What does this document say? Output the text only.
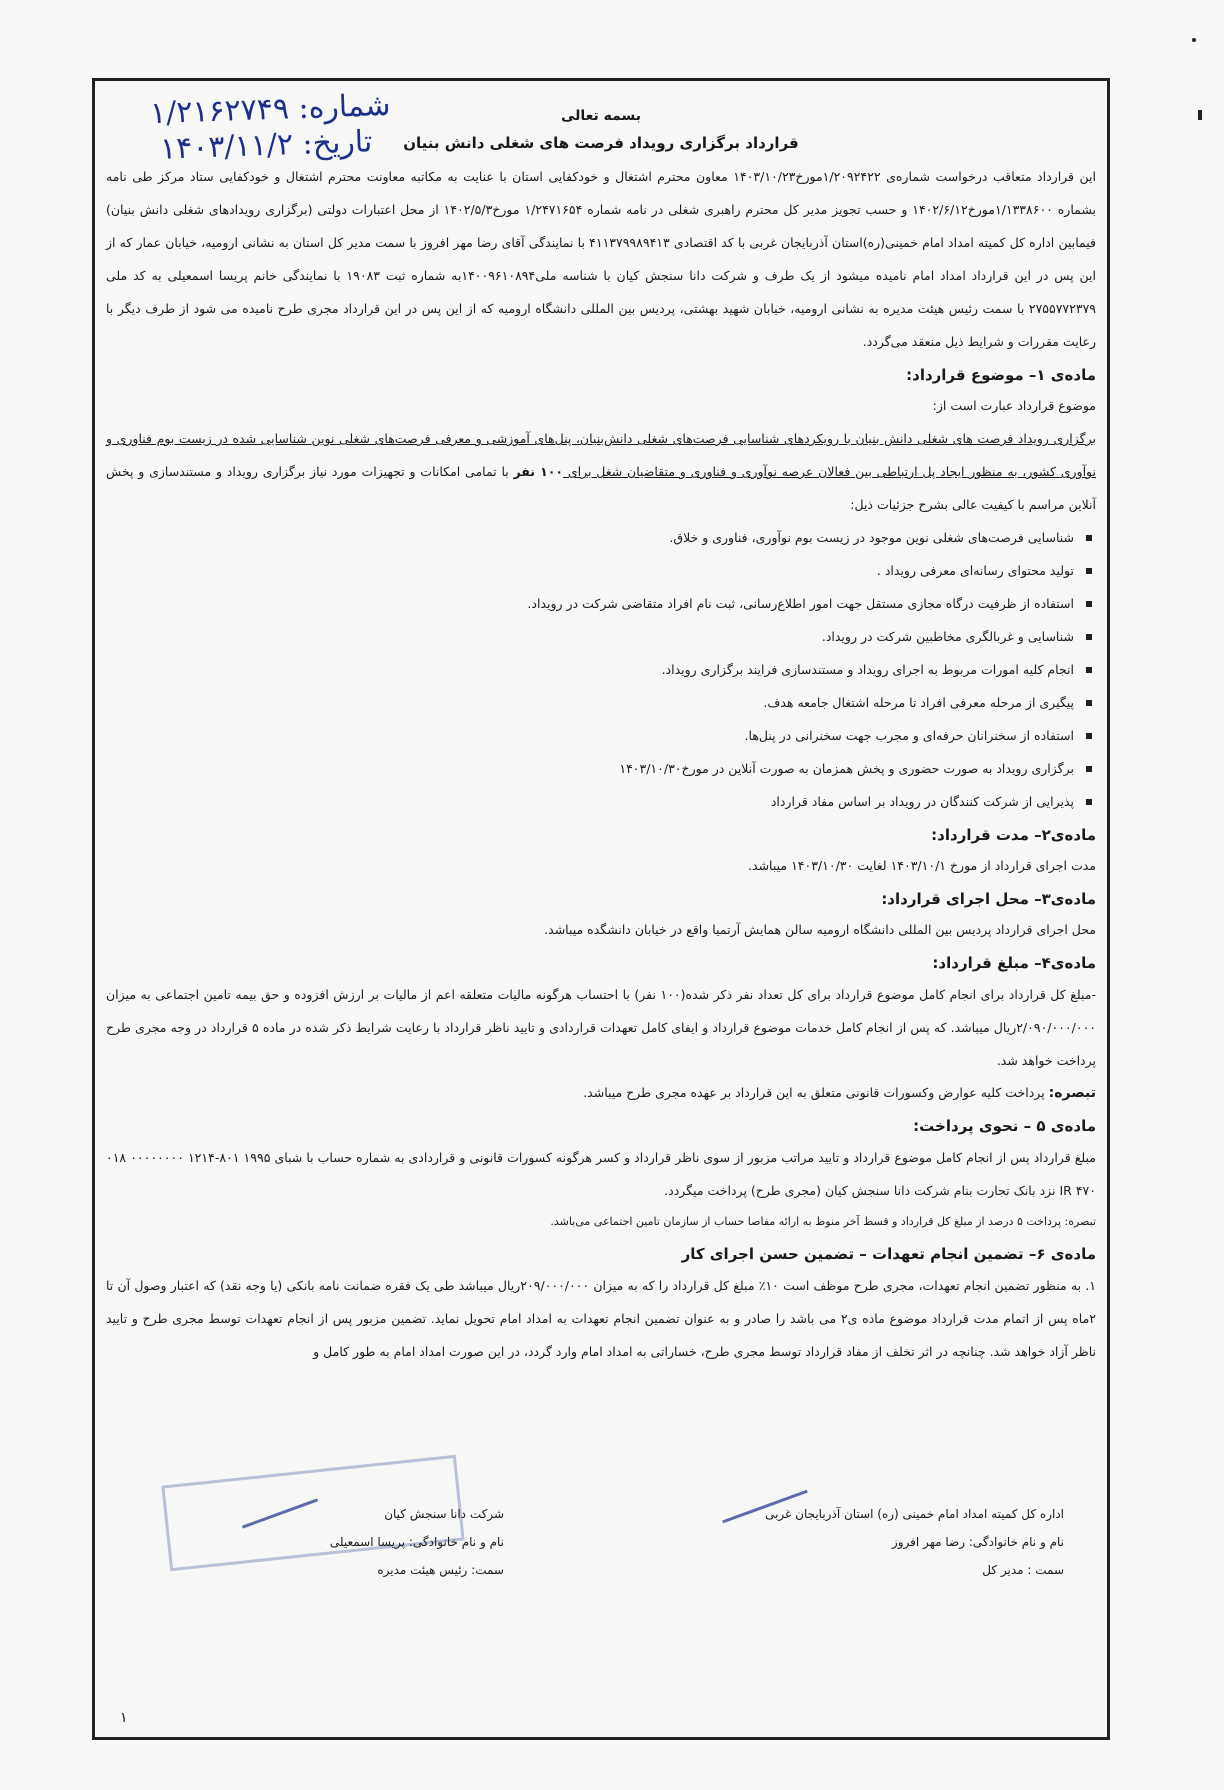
شماره: ۱/۲۱۶۲۷۴۹
تاریخ: ۱۴۰۳/۱۱/۲
بسمه تعالی
قرارداد برگزاری رویداد فرصت های شغلی دانش بنیان

این قرارداد متعاقب درخواست شماره‌ی ۱/۲۰۹۲۴۲۲مورخ۱۴۰۳/۱۰/۲۳ معاون محترم اشتغال و خودکفایی استان با عنایت به مکاتبه معاونت محترم اشتغال و خودکفایی ستاد مرکز طی نامه بشماره ۱/۱۳۳۸۶۰۰مورخ۱۴۰۲/۶/۱۲ و حسب تجویز مدیر کل محترم راهبری شغلی در نامه شماره ۱/۲۴۷۱۶۵۴ مورخ۱۴۰۲/۵/۳ از محل اعتبارات دولتی (برگزاری رویدادهای شغلی دانش بنیان) فیمابین اداره کل کمیته امداد امام خمینی(ره)استان آذربایجان غربی با کد اقتصادی ۴۱۱۳۷۹۹۸۹۴۱۳ با نمایندگی آقای رضا مهر افروز با سمت مدیر کل استان به نشانی ارومیه، خیابان عمار که از این پس در این قرارداد امداد امام نامیده میشود از یک طرف و شرکت دانا سنجش کیان با شناسه ملی۱۴۰۰۹۶۱۰۸۹۴به شماره ثبت ۱۹۰۸۳ با نمایندگی خانم پریسا اسمعیلی به کد ملی ۲۷۵۵۷۷۲۳۷۹ با سمت رئیس هیئت مدیره به نشانی ارومیه، خیابان شهید بهشتی، پردیس بین المللی دانشگاه ارومیه که از این پس در این قرارداد مجری طرح نامیده می شود از طرف دیگر با رعایت مقررات و شرایط ذیل منعقد می‌گردد.

ماده‌ی ۱– موضوع قرارداد:
موضوع قرارداد عبارت است از:

برگزاری رویداد فرصت های شغلی دانش بنیان با رویکردهای شناسایی فرصت‌های شغلی دانش‌بنیان، پنل‌های آموزشی و معرفی فرصت‌های شغلی نوین شناسایی شده در زیست بوم فناوری و نوآوری کشور، به منظور ایجاد پل ارتباطی بین فعالان عرصه نوآوری و فناوری و متقاضیان شغل برای ۱۰۰ نفر با تمامی امکانات و تجهیزات مورد نیاز برگزاری رویداد و مستندسازی و پخش آنلاین مراسم با کیفیت عالی بشرح جزئیات ذیل:

شناسایی فرصت‌های شغلی نوین موجود در زیست بوم نوآوری، فناوری و خلاق.
تولید محتوای رسانه‌ای معرفی رویداد .
استفاده از ظرفیت درگاه مجازی مستقل جهت امور اطلاع‌رسانی، ثبت نام افراد متقاضی شرکت در رویداد.
شناسایی و غربالگری مخاطبین شرکت در رویداد.
انجام کلیه امورات مربوط به اجرای رویداد و مستندسازی فرایند برگزاری رویداد.
پیگیری از مرحله معرفی افراد تا مرحله اشتغال جامعه هدف.
استفاده از سخنرانان حرفه‌ای و مجرب جهت سخنرانی در پنل‌ها.
برگزاری رویداد به صورت حضوری و پخش همزمان به صورت آنلاین در مورخ۱۴۰۳/۱۰/۳۰
پذیرایی از شرکت کنندگان در رویداد بر اساس مفاد قرارداد
ماده‌ی۲– مدت قرارداد:
مدت اجرای قرارداد از مورخ ۱۴۰۳/۱۰/۱ لغایت ۱۴۰۳/۱۰/۳۰ میباشد.
ماده‌ی۳– محل اجرای قرارداد:
محل اجرای قرارداد پردیس بین المللی دانشگاه ارومیه سالن همایش آرتمیا واقع در خیابان دانشگده میباشد.
ماده‌ی۴– مبلغ قرارداد:

-مبلغ کل قرارداد برای انجام کامل موضوع قرارداد برای کل تعداد نفر ذکر شده(۱۰۰ نفر) با احتساب هرگونه مالیات متعلقه اعم از مالیات بر ارزش افزوده و حق بیمه تامین اجتماعی به میزان ۲/۰۹۰/۰۰۰/۰۰۰ریال میباشد. که پس از انجام کامل خدمات موضوع قرارداد و ایفای کامل تعهدات قراردادی و تایید ناظر قرارداد با رعایت شرایط ذکر شده در ماده ۵ قرارداد در وجه مجری طرح پرداخت خواهد شد.

تبصره: پرداخت کلیه عوارض وکسورات قانونی متعلق به این قرارداد بر عهده مجری طرح میباشد.
ماده‌ی ۵ – نحوی پرداخت:

مبلغ قرارداد پس از انجام کامل موضوع قرارداد و تایید مراتب مزبور از سوی ناظر قرارداد و کسر هرگونه کسورات قانونی و قراردادی به شماره حساب با شبای ۱۹۹۵ ۸۰۱-۱۲۱۴ ۰۰۰۰۰۰۰۰ ۰۱۸ ۴۷۰ IR نزد بانک تجارت بنام شرکت دانا سنجش کیان (مجری طرح) پرداخت میگردد.

تبصره: پرداخت ۵ درصد از مبلغ کل قرارداد و قسط آخر منوط به ارائه مفاصا حساب از سازمان تامین اجتماعی می‌باشد.
ماده‌ی ۶– تضمین انجام تعهدات – تضمین حسن اجرای کار

۱. به منظور تضمین انجام تعهدات، مجری طرح موظف است ۱۰٪ مبلغ کل قرارداد را که به میزان ۲۰۹/۰۰۰/۰۰۰ریال میباشد طی یک فقره ضمانت نامه بانکی (یا وجه نقد) که اعتبار وصول آن تا ۲ماه پس از اتمام مدت قرارداد موضوع ماده ی۲ می باشد را صادر و به عنوان تضمین انجام تعهدات به امداد امام تحویل نماید. تضمین مزبور پس از انجام تعهدات توسط مجری طرح و تایید ناظر آزاد خواهد شد. چنانچه در اثر تخلف از مفاد قرارداد توسط مجری طرح، خساراتی به امداد امام وارد گردد، در این صورت امداد امام به طور کامل و

اداره کل کمیته امداد امام خمینی (ره) استان آذربایجان غربی
نام و نام خانوادگی: رضا مهر افروز
سمت : مدیر کل
شرکت دانا سنجش کیان
نام و نام خانوادگی: پریسا اسمعیلی
سمت: رئیس هیئت مدیره
۱
